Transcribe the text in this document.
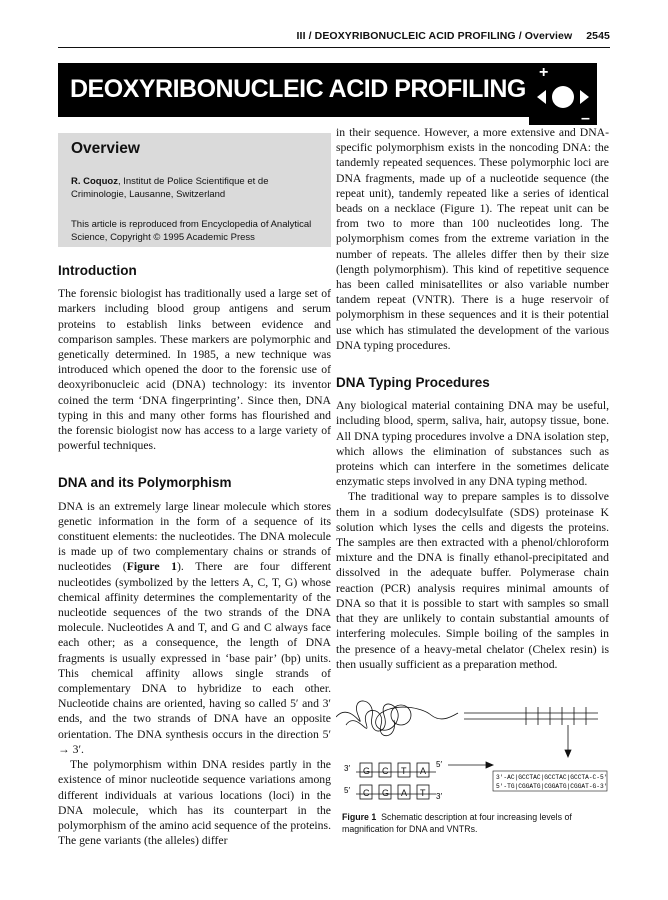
III / DEOXYRIBONUCLEIC ACID PROFILING / Overview 2545
DEOXYRIBONUCLEIC ACID PROFILING
+
–
Overview
R. Coquoz, Institut de Police Scientifique et de Criminologie, Lausanne, Switzerland
This article is reproduced from Encyclopedia of Analytical Science, Copyright © 1995 Academic Press
Introduction

The forensic biologist has traditionally used a large set of markers including blood group antigens and serum proteins to establish links between evidence and comparison samples. These markers are polymorphic and genetically determined. In 1985, a new technique was introduced which opened the door to the forensic use of deoxyribonucleic acid (DNA) technology: its inventor coined the term ‘DNA fingerprinting’. Since then, DNA typing in this and many other forms has flourished and the forensic biologist now has access to a large variety of powerful techniques.

DNA and its Polymorphism

DNA is an extremely large linear molecule which stores genetic information in the form of a sequence of its constituent elements: the nucleotides. The DNA molecule is made up of two complementary chains or strands of nucleotides (Figure 1). There are four different nucleotides (symbolized by the letters A, C, T, G) whose chemical affinity determines the complementarity of the nucleotide sequences of the two strands of the DNA molecule. Nucleotides A and T, and G and C always face each other; as a consequence, the length of DNA fragments is usually expressed in ‘base pair’ (bp) units. This chemical affinity allows single strands of complementary DNA to hybridize to each other. Nucleotide chains are oriented, having so called 5′ and 3′ ends, and the two strands of DNA have an opposite orientation. The DNA synthesis occurs in the direction 5′ → 3′.

The polymorphism within DNA resides partly in the existence of minor nucleotide sequence variations among different individuals at various locations (loci) in the DNA molecule, which has its counterpart in the polymorphism of the amino acid sequence of the proteins. The gene variants (the alleles) differ

in their sequence. However, a more extensive and DNA-specific polymorphism exists in the noncoding DNA: the tandemly repeated sequences. These polymorphic loci are DNA fragments, made up of a nucleotide sequence (the repeat unit), tandemly repeated like a series of identical beads on a necklace (Figure 1). The repeat unit can be from two to more than 100 nucleotides long. The polymorphism comes from the extreme variation in the number of repeats. The alleles differ then by their size (length polymorphism). This kind of repetitive sequence has been called minisatellites or also variable number tandem repeat (VNTR). There is a huge reservoir of polymorphism in these sequences and it is their potential use which has stimulated the development of the various DNA typing procedures.

DNA Typing Procedures

Any biological material containing DNA may be useful, including blood, sperm, saliva, hair, autopsy tissue, bone. All DNA typing procedures involve a DNA isolation step, which allows the elimination of substances such as proteins which can interfere in the sometimes delicate enzymatic steps involved in any DNA typing method.

The traditional way to prepare samples is to dissolve them in a sodium dodecylsulfate (SDS) proteinase K solution which lyses the cells and digests the proteins. The samples are then extracted with a phenol/chloroform mixture and the DNA is finally ethanol-precipitated and dissolved in the adequate buffer. Polymerase chain reaction (PCR) analysis requires minimal amounts of DNA so that it is possible to start with samples so small that they are unlikely to contain substantial amounts of interfering molecules. Simple boiling of the samples in the presence of a heavy-metal chelator (Chelex resin) is then usually sufficient as a preparation method.

3′
5′
5′
3′
G
C
C
G
T
A
A
T
3′-AC|GCCTAC|GCCTAC|GCCTA-C-5′
5′-TG|CGGATG|CGGATG|CGGAT-G-3′
Figure 1 Schematic description at four increasing levels of magnification for DNA and VNTRs.
